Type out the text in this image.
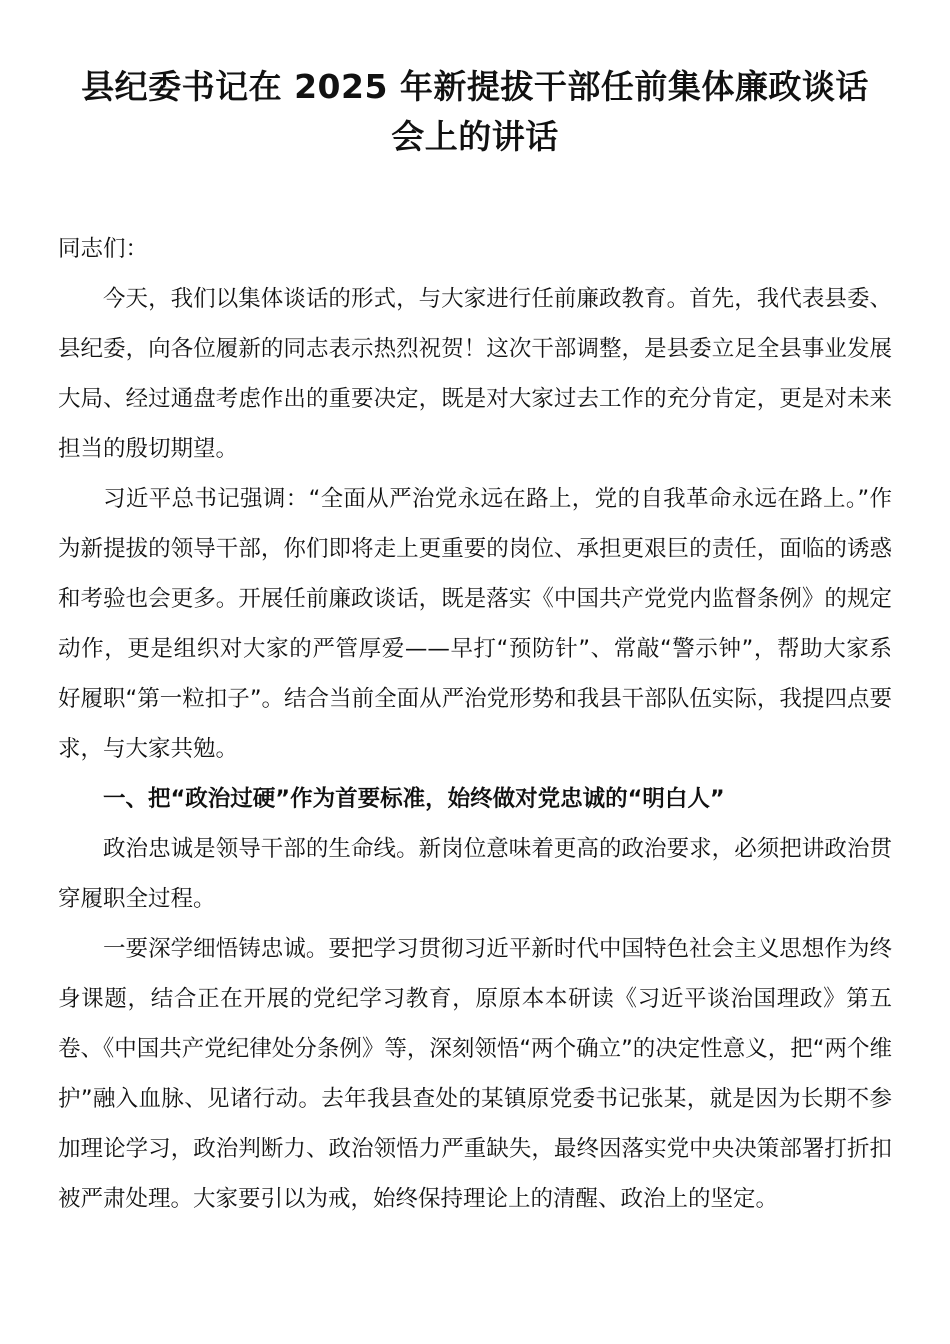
县纪委书记在 2025 年新提拔干部任前集体廉政谈话
会上的讲话

同志们：

今天，我们以集体谈话的形式，与大家进行任前廉政教育。首先，我代表县委、县纪委，向各位履新的同志表示热烈祝贺！这次干部调整，是县委立足全县事业发展大局、经过通盘考虑作出的重要决定，既是对大家过去工作的充分肯定，更是对未来担当的殷切期望。

习近平总书记强调：“全面从严治党永远在路上，党的自我革命永远在路上。”作为新提拔的领导干部，你们即将走上更重要的岗位、承担更艰巨的责任，面临的诱惑和考验也会更多。开展任前廉政谈话，既是落实《中国共产党党内监督条例》的规定动作，更是组织对大家的严管厚爱——早打“预防针”、常敲“警示钟”，帮助大家系好履职“第一粒扣子”。结合当前全面从严治党形势和我县干部队伍实际，我提四点要求，与大家共勉。

一、把“政治过硬”作为首要标准，始终做对党忠诚的“明白人”

政治忠诚是领导干部的生命线。新岗位意味着更高的政治要求，必须把讲政治贯穿履职全过程。

一要深学细悟铸忠诚。要把学习贯彻习近平新时代中国特色社会主义思想作为终身课题，结合正在开展的党纪学习教育，原原本本研读《习近平谈治国理政》第五卷、《中国共产党纪律处分条例》等，深刻领悟“两个确立”的决定性意义，把“两个维护”融入血脉、见诸行动。去年我县查处的某镇原党委书记张某，就是因为长期不参加理论学习，政治判断力、政治领悟力严重缺失，最终因落实党中央决策部署打折扣被严肃处理。大家要引以为戒，始终保持理论上的清醒、政治上的坚定。
